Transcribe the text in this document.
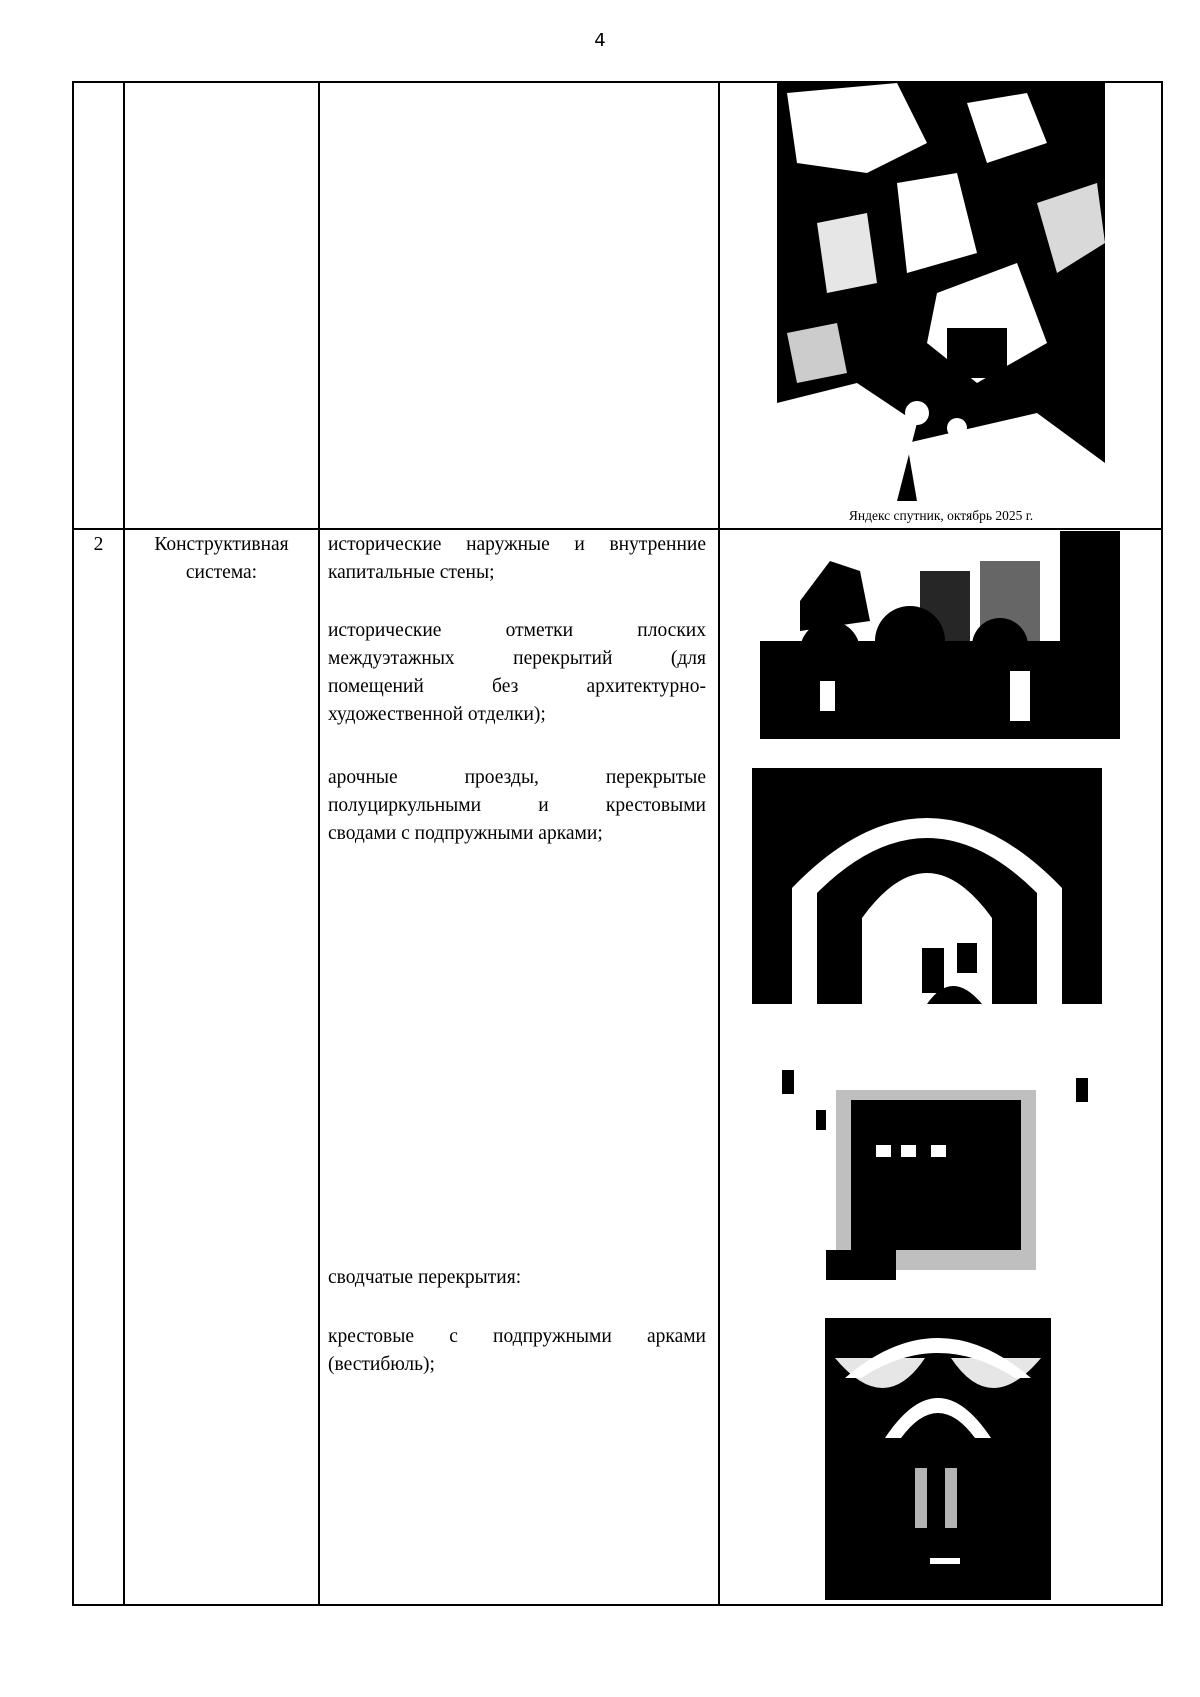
4
Яндекс спутник, октябрь 2025 г.
2	Конструктивная
система:
исторические наружные и внутренние
капитальные стены;
исторические отметки плоских
междуэтажных перекрытий (для
помещений без архитектурно-
художественной отделки);
арочные проезды, перекрытые
полуциркульными и крестовыми
сводами с подпружными арками;
сводчатые перекрытия:
крестовые с подпружными арками
(вестибюль);
